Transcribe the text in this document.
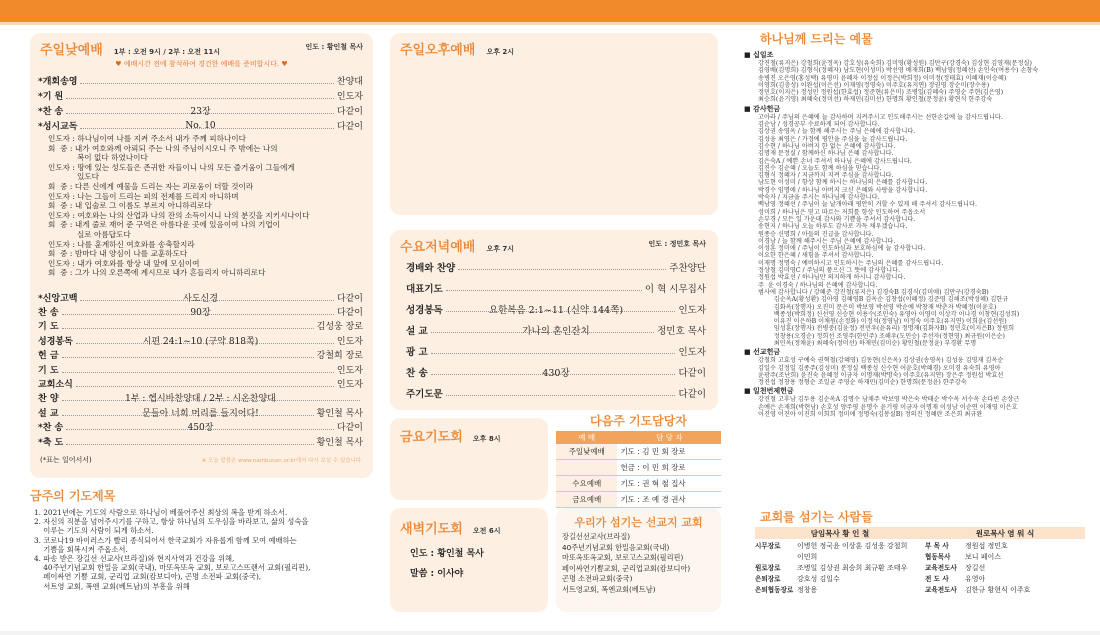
주일낮예배 1부 : 오전 9시 / 2부 : 오전 11시
인도 : 황인철 목사
♥ 예배시간 전에 참석하여 경건한 예배를 준비합시다. ♥
*개회송영	찬양대
*기 원	인도자
*찬 송	23장	다같이
*성시교독	No. 10	다같이
인도자 : 하나님이여 나를 지켜 주소서 내가 주께 피하나이다
회  중 : 내가 여호와께 아뢰되 주는 나의 주님이시오니 주 밖에는 나의
복이 없다 하였나이다
인도자 : 땅에 있는 성도들은 존귀한 자들이니 나의 모든 즐거움이 그들에게
있도다
회  중 : 다른 신에게 예물을 드리는 자는 괴로움이 더할 것이라
인도자 : 나는 그들이 드리는 피의 전제를 드리지 아니하며
회  중 : 내 입술로 그 이름도 부르지 아니하리로다
인도자 : 여호와는 나의 산업과 나의 잔의 소득이시니 나의 분깃을 지키시나이다
회  중 : 내게 줄로 재어 준 구역은 아름다운 곳에 있음이여 나의 기업이
실로 아름답도다
인도자 : 나를 훈계하신 여호와를 송축할지라
회  중 : 밤마다 내 양심이 나를 교훈하도다
인도자 : 내가 여호와를 항상 내 앞에 모심이여
회  중 : 그가 나의 오른쪽에 계시므로 내가 흔들리지 아니하리로다
*신앙고백	사도신경	다같이
찬 송	90장	다같이
기 도	김성웅 장로
성경봉독	시편 24:1~10 (구약 818쪽)	인도자
헌 금	강철희 장로
기 도	인도자
교회소식	인도자
찬 양	1부 : 헵시바찬양대 / 2부 : 시온찬양대
설 교	문들아 너희 머리를 들지어다!	황인철 목사
*찬 송	450장	다같이
*축 도	황인철 목사
(*표는 일어서서)	※ 오늘 말씀은 www.nambusan.or.kr에서 다시 보실 수 있습니다.
금주의 기도제목
1. 2021년에는 기도의 사람으로 하나님이 베풀어주신 최상의 복을 받게 하소서.
2. 자신의 직분을 넘어주시기를 구하고, 항상 하나님의 도우심을 바라보고, 삶의 성숙을
이루는 기도의 사람이 되게 하소서.
3. 코로나19 바이러스가 빨리 종식되어서 한국교회가 자유롭게 함께 모여 예배하는
기쁨을 회복시켜 주옵소서.
4. 파송 받은 장길선 선교사(브라질)와 현지사역과 건강을 위해,
40주년기념교회 한밀음 교회(국내), 마또옥또옥 교회, 보로고스뜨랜서 교회(필리핀),
페이싸연 기쁨 교회, 군리업 교회(캄보디아), 곤명 소전파 교회(중국),
서트영 교회, 폭엔 교회(베트남)의 부흥을 위해
주일오후예배 오후 2시
수요저녁예배 오후 7시
인도 : 정민호 목사
경배와 찬양	주찬양단
대표기도	이 혁 시무집사
성경봉독	요한복음 2:1~11 (신약 144쪽)	인도자
설 교	가나의 혼인잔치	정민호 목사
광 고	인도자
찬 송	430장	다같이
주기도문	다같이
금요기도회 오후 8시
새벽기도회 오전 6시
인도 : 황인철 목사
말씀 : 이사야
다음주 기도담당자
예 배	담 당 자
주일낮예배	기도 : 김 민 회 장로
	헌금 : 이 민 희 장로
수요예배	기도 : 권 혁 철 집사
금요예배	기도 : 조 예 경 권사
우리가 섬기는 선교지 교회
장길선선교사(브라질)
40주년기념교회 한밀음교회(국내)
마또옥또옥교회, 보로고스교회(필리핀)
페이싸연기쁨교회, 군리업교회(캄보디아)
곤명 소전파교회(중국)
서트영교회, 폭엔교회(베트남)
하나님께 드리는 예물
■ 십일조
강진철(류지은) 강철희(윤정옥) 강호성(유숙희) 김미영(황성원) 김만구(강경숙) 김상현 김영재(문정실)
김영배(김명희) 김형식(정혜자) 남도현(이성미) 박선영 배재희(B) 백남영(정혜선) 손인숙(여용수) 손창숙
송병진 오은영(홍성택) 유영미 윤혜자 이정섭 이정은(박희정) 이미정(정태효) 이혜재(이승혜)
이영희(김충성) 이완섭(이은선) 이재영(정영숙) 이주호(유지연) 장권영 장순미(장수용)
정민호(이지은) 정성민 정원섭(한효섭) 정준현(류은미) 조병일(김혜숙) 주영순 주현(김은영)
최승희(윤기영) 최혜숙(정미선) 하재민(김미선) 한명희 황인철(문정윤) 황현식 한주강숙
■ 감사헌금
고아라 / 주님의 은혜에 늘 감사하며 지켜주시고 인도해주시는 선한손길에 늘 감사드립니다.
김순남 / 성경공부 수료하게 되어 감사합니다.
김상권 송영옥 / 늘 함께 해주시는 주님 은혜에 감사합니다.
김성웅 최영은 / 가정에 평안을 주심을 늘 감사드립니다.
김수현 / 하나님 아버지 한 없는 은혜에 감사합니다.
김명재 문정실 / 함께하신 하나님 은혜 감사합니다.
김은숙A / 예쁜 손녀 주셔서 하나님 은혜에 감사드립니다.
김진수 김순혜 / 오늘도 함께 하심을 믿습니다.
김형식 정혜자 / 지금까지 지켜 주심을 감사합니다.
남도현 이성미 / 항상 함께 하시는 하나님의 은혜를 감사합니다.
박경수 임명애 / 하나님 아버지 크신 은혜와 사랑을 감사합니다.
박숙자 / 지금을 주시는 하나님께 감사합니다.
백남영 정혜선 / 주님이 늘 날개아래 평안히 거할 수 있게 해 주셔서 감사드립니다.
성미희 / 하나님은 믿고 따르는 저희를 항상 인도하여 주옵소서
손부경 / 모든 일 가운데 감사와 기쁨을 주셔서 감사합니다.
송현지 / 하나님 오늘 하루도 감사로 가득 채우겠습니다.
원종승 신명희 / 아들의 진급을 감사합니다.
이경남 / 늘 함께 해주시는 주님 은혜에 감사합니다.
이성훈 정미애 / 주님이 인도하심과 보호하심에 늘 감사합니다.
이요한 한은혜 / 새힘을 주셔서 감사합니다.
이재명 정명숙 / 예비하시고 인도하시는 주님의 은혜를 감사드립니다.
정상철 김미영C / 주님의 품으신 그 뜻에 감사합니다.
정원섭 박효선 / 하나님만 의지하게 하시니 감사합니다.
주  윤 이경숙 / 하나님의 은혜에 감사합니다.
범사에 감사합니다 / 강혜준 강진철(류지은) 김경숙B 김경식(김미애) 김만구(강경숙B)
김순옥A(황성환) 김아영 김혜영B 김옥순 김창섭(이혜정) 김준영 김해조(박성혜) 김한규
김화옥(장행자) 오진미 문은미 박보영 박선영 박순예 박창재 박춘자 박혜정(이윤호)
백종성(박희정) 신선영 신승현 이용수(조민숙) 유영아 이영미 이상각 이나경 이창현(김성희)
이유진 이은하B 이채원(손정화) 이정석(정영남) 이정숙 이주호(유지연) 이희윤(김선원)
임성훈(장행자) 전병중(김윤정) 전민우(윤유리) 정명재(김화자B) 정민호(이지은B) 정원희
정창용(오경순) 정희선 조영주(한민주) 조해우(도민승) 주선자(정현영) 최규원(이은순)
최민옥(정채윤) 최혜숙(정미선) 하재민(김미순) 황인철(문정윤) 부경환 무명
■ 선교헌금
강철희 고효성 구예숙 권혁철(강혜영) 김동현(신은옥) 김상권(송영옥) 김성웅 김영재 김옥순
김일수 김정일 김종주(김성미) 문정실 백종성 신수현 어윤호(박혜경) 오미경 유숙희 유영아
윤광주(조난희) 윤진숙 윤혜정 이금자 이명재(박명숙) 이주호(유지연) 장은주 정원섭 박효선
정진섭 정창용 정형순 조일균 주영순 하재민(김미순) 한명희(문정윤) 한주강숙
■ 일천번제헌금
강진철 고후남 김두용 김순옥A 김명수 남채주 박보영 박은숙 박태순 박수옥 서수옥 손다빈 손상근
손예은 손재희(박현남) 손호성 양주평 윤명수 윤기평 이금자 이명재 이성남 이순연 이재영 이은호
이진영 이진아 이진희 이희희 정미애 정명숙(김봉실B) 정의진 정혜란 조은희 최규완
교회를 섬기는 사람들
담임목사 황 인 철	원로목사 염 워 식
시무장로	이병헌 정국윤 이상훈 김성웅 강철희	부 목 사	정원섭 정민호
이민희	협동목사	보니 페이스
원로장로	조병일 김상권 최승희 최규환 조태우	교육전도사	장길선
은퇴장로	강호성 김일수	전 도 사	유영아
은퇴협동장로 정창용	교육전도사	김한규 황현식 이주호
